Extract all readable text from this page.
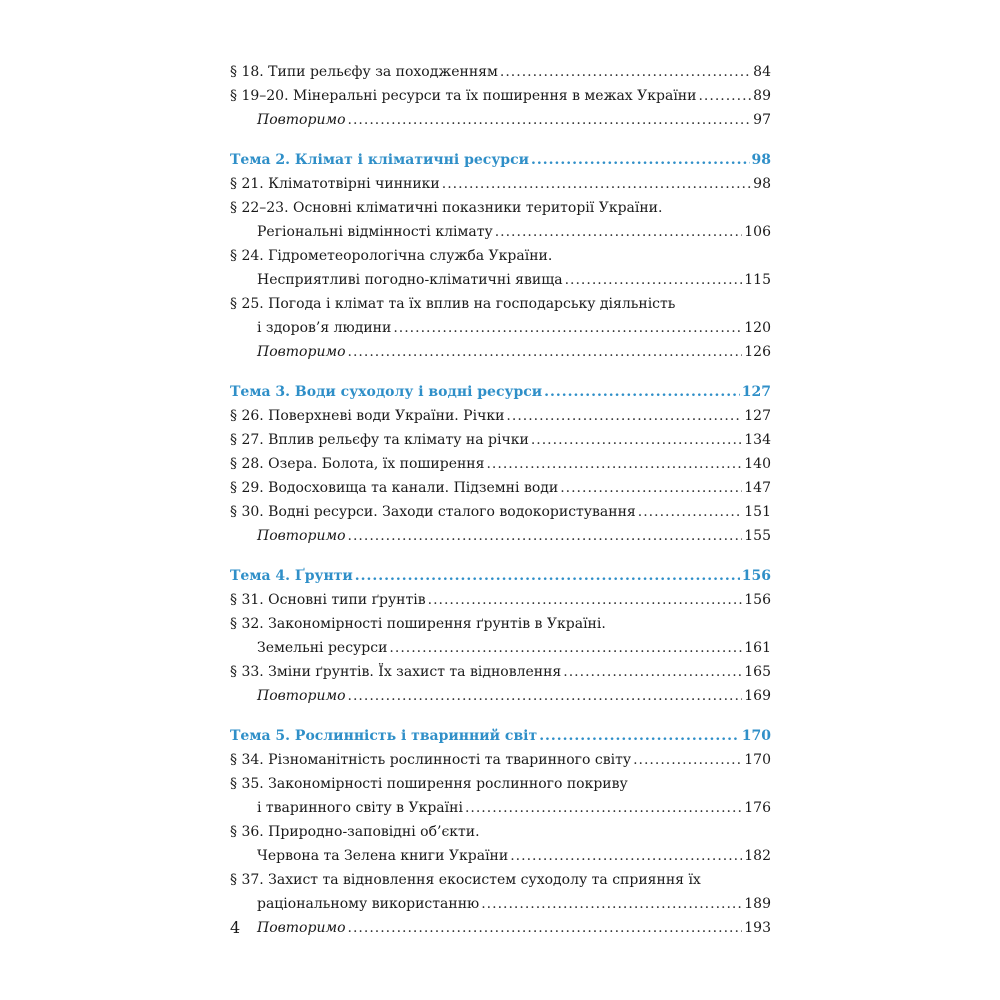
§ 18. Типи рельєфу за походженням .....	84
§ 19–20. Мінеральні ресурси та їх поширення в межах України .....	89
Повторимо .....	97
Тема 2. Клімат і кліматичні ресурси .....	98
§ 21. Кліматотвірні чинники .....	98
§ 22–23. Основні кліматичні показники території України.
Регіональні відмінності клімату .....	106
§ 24. Гідрометеорологічна служба України.
Несприятливі погодно-кліматичні явища .....	115
§ 25. Погода і клімат та їх вплив на господарську діяльність
і здоров’я людини .....	120
Повторимо .....	126
Тема 3. Води суходолу і водні ресурси .....	127
§ 26. Поверхневі води України. Річки .....	127
§ 27. Вплив рельєфу та клімату на річки .....	134
§ 28. Озера. Болота, їх поширення .....	140
§ 29. Водосховища та канали. Підземні води .....	147
§ 30. Водні ресурси. Заходи сталого водокористування .....	151
Повторимо .....	155
Тема 4. Ґрунти .....	156
§ 31. Основні типи ґрунтів .....	156
§ 32. Закономірності поширення ґрунтів в Україні.
Земельні ресурси .....	161
§ 33. Зміни ґрунтів. Їх захист та відновлення .....	165
Повторимо .....	169
Тема 5. Рослинність і тваринний світ .....	170
§ 34. Різноманітність рослинності та тваринного світу .....	170
§ 35. Закономірності поширення рослинного покриву
і тваринного світу в Україні .....	176
§ 36. Природно-заповідні об’єкти.
Червона та Зелена книги України .....	182
§ 37. Захист та відновлення екосистем суходолу та сприяння їх
раціональному використанню .....	189
Повторимо .....	193
4
